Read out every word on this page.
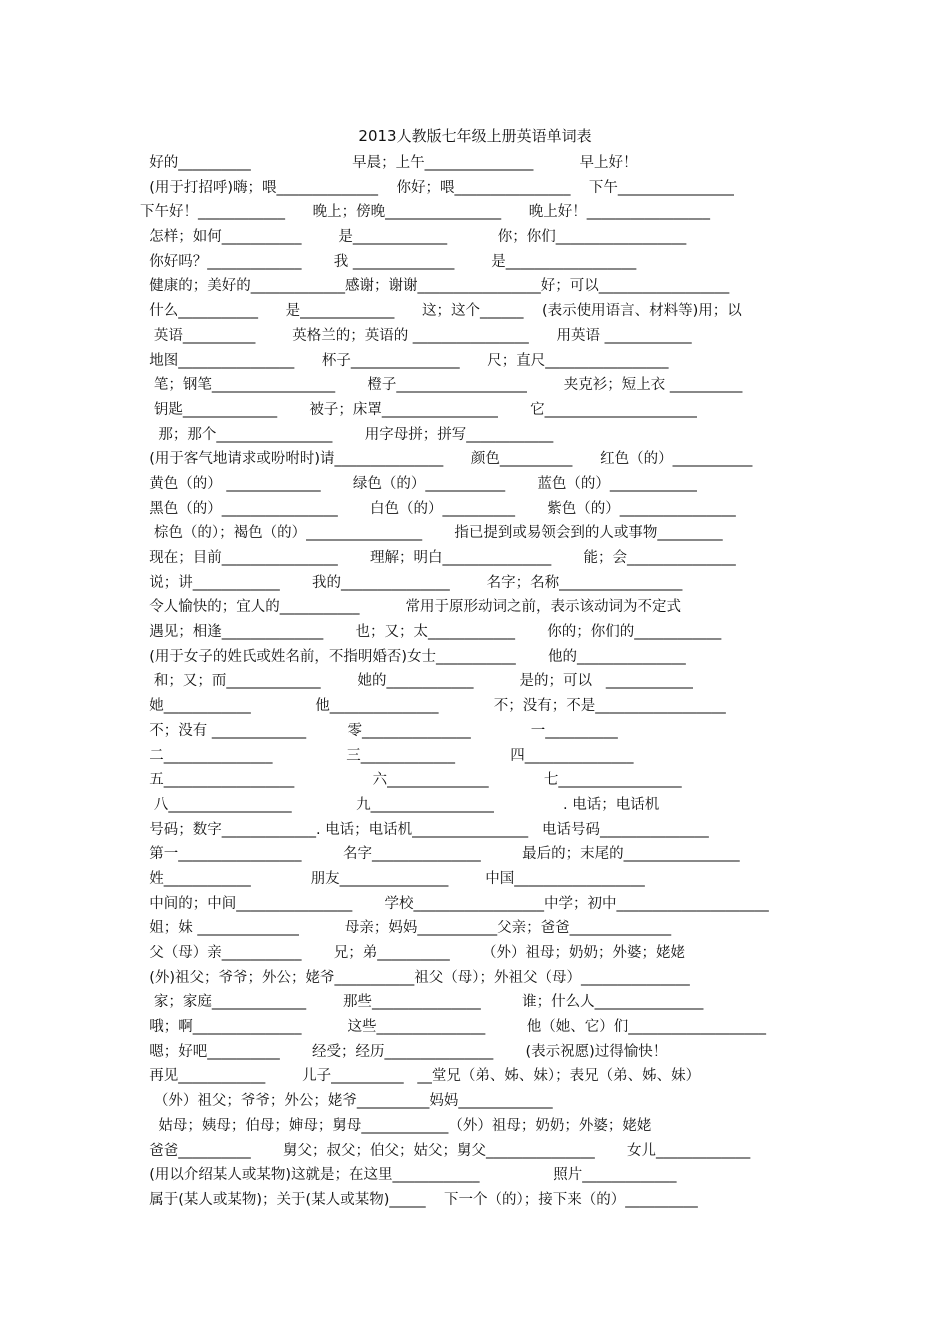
2013人教版七年级上册英语单词表
好的__________                      早晨；上午_______________          早上好！
(用于打招呼)嗨；喂______________    你好；喂________________    下午________________
下午好！____________      晚上；傍晚________________      晚上好！_________________
怎样；如何___________        是_____________           你；你们__________________
你好吗？_____________       我 ______________        是__________________
健康的；美好的_____________感谢；谢谢_________________好；可以__________________
什么___________      是_____________      这；这个______    (表示使用语言、材料等)用；以
英语__________        英格兰的；英语的 ________________      用英语 ____________
地图________________      杯子_______________      尺；直尺_________________
笔；钢笔_________________       橙子__________________        夹克衫；短上衣 __________
钥匙_____________       被子；床罩________________       它_____________________
那；那个________________       用字母拼；拼写____________
(用于客气地请求或吩咐时)请_______________      颜色__________      红色（的）___________
黄色（的） _____________       绿色（的）___________       蓝色（的）____________
黑色（的）________________       白色（的）__________       紫色（的）________________
棕色（的）；褐色（的）________________       指已提到或易领会到的人或事物_________
现在；目前________________       理解；明白_______________       能；会_______________
说；讲____________       我的_______________        名字；名称_________________
令人愉快的；宜人的___________          常用于原形动词之前，表示该动词为不定式
遇见；相逢______________       也；又；太____________       你的；你们的____________
(用于女子的姓氏或姓名前，不指明婚否)女士___________       他的_______________
和；又；而_____________        她的____________          是的；可以   ____________
她____________              他_______________            不；没有；不是__________________
不；没有 _____________         零_______________             一__________
二_______________                三_____________            四_______________
五__________________                 六______________            七_________________
八_________________              九_________________               . 电话；电话机
号码；数字_____________. 电话；电话机________________   电话号码_______________
第一_________________         名字_______________         最后的；末尾的________________
姓____________             朋友_______________        中国__________________
中间的；中间________________       学校__________________中学；初中_____________________
姐；妹 ______________          母亲；妈妈___________父亲；爸爸______________
父（母）亲___________       兄；弟__________       （外）祖母；奶奶；外婆；姥姥
(外)祖父；爷爷；外公；姥爷___________祖父（母）；外祖父（母）_______________
家；家庭_____________        那些_______________         谁；什么人_______________
哦；啊_______________          这些_______________         他（她、它）们___________________
嗯；好吧__________       经受；经历_______________       (表示祝愿)过得愉快！
再见____________        儿子__________   __堂兄（弟、姊、妹）；表兄（弟、姊、妹）
（外）祖父；爷爷；外公；姥爷__________妈妈_____________
姑母；姨母；伯母；婶母；舅母____________（外）祖母；奶奶；外婆；姥姥
爸爸__________       舅父；叔父；伯父；姑父；舅父_______________       女儿_____________
(用以介绍某人或某物)这就是；在这里____________                照片_____________
属于(某人或某物)；关于(某人或某物)_____    下一个（的）；接下来（的）__________
